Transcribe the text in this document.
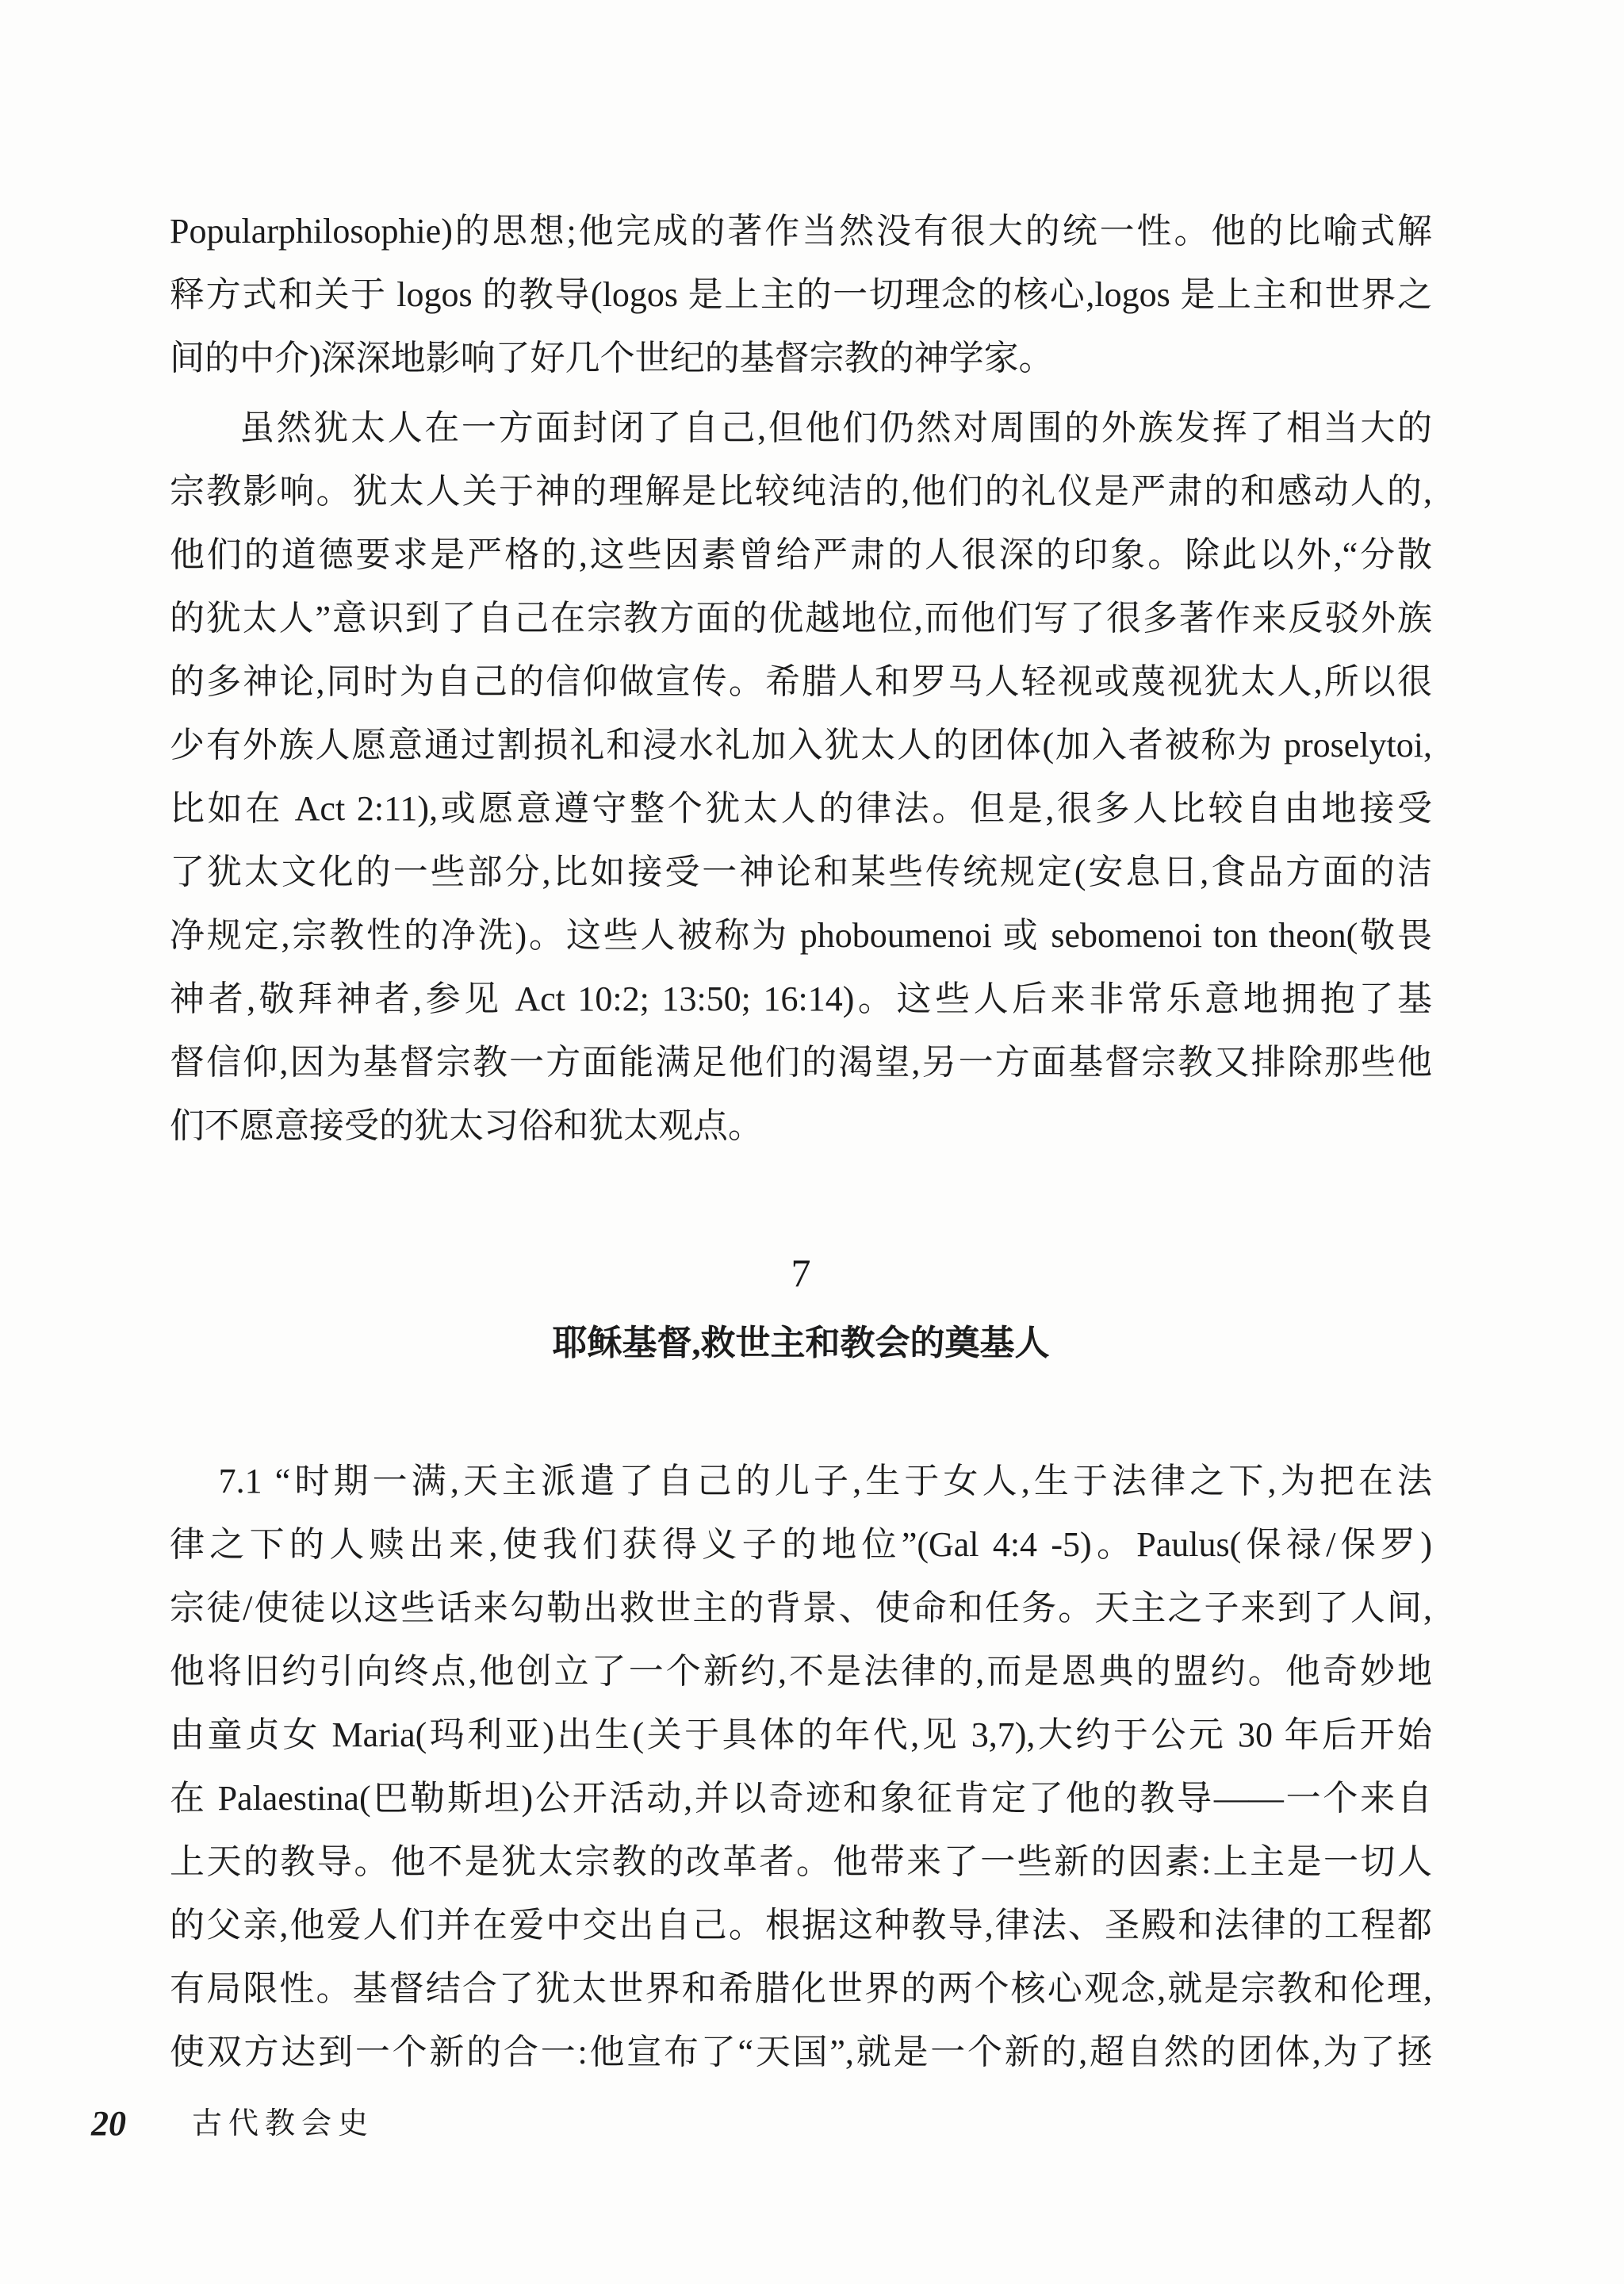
Popularphilosophie)的思想;他完成的著作当然没有很大的统一性。他的比喻式解
释方式和关于 logos 的教导(logos 是上主的一切理念的核心,logos 是上主和世界之
间的中介)深深地影响了好几个世纪的基督宗教的神学家。
虽然犹太人在一方面封闭了自己,但他们仍然对周围的外族发挥了相当大的
宗教影响。犹太人关于神的理解是比较纯洁的,他们的礼仪是严肃的和感动人的,
他们的道德要求是严格的,这些因素曾给严肃的人很深的印象。除此以外,“分散
的犹太人”意识到了自己在宗教方面的优越地位,而他们写了很多著作来反驳外族
的多神论,同时为自己的信仰做宣传。希腊人和罗马人轻视或蔑视犹太人,所以很
少有外族人愿意通过割损礼和浸水礼加入犹太人的团体(加入者被称为 proselytoi,
比如在 Act 2:11),或愿意遵守整个犹太人的律法。但是,很多人比较自由地接受
了犹太文化的一些部分,比如接受一神论和某些传统规定(安息日,食品方面的洁
净规定,宗教性的净洗)。这些人被称为 phoboumenoi 或 sebomenoi ton theon(敬畏
神者,敬拜神者,参见 Act 10:2; 13:50; 16:14)。这些人后来非常乐意地拥抱了基
督信仰,因为基督宗教一方面能满足他们的渴望,另一方面基督宗教又排除那些他
们不愿意接受的犹太习俗和犹太观点。
7
耶稣基督,救世主和教会的奠基人
7.1 “时期一满,天主派遣了自己的儿子,生于女人,生于法律之下,为把在法
律之下的人赎出来,使我们获得义子的地位”(Gal 4:4 -5)。Paulus(保禄/保罗)
宗徒/使徒以这些话来勾勒出救世主的背景、使命和任务。天主之子来到了人间,
他将旧约引向终点,他创立了一个新约,不是法律的,而是恩典的盟约。他奇妙地
由童贞女 Maria(玛利亚)出生(关于具体的年代,见 3,7),大约于公元 30 年后开始
在 Palaestina(巴勒斯坦)公开活动,并以奇迹和象征肯定了他的教导——一个来自
上天的教导。他不是犹太宗教的改革者。他带来了一些新的因素:上主是一切人
的父亲,他爱人们并在爱中交出自己。根据这种教导,律法、圣殿和法律的工程都
有局限性。基督结合了犹太世界和希腊化世界的两个核心观念,就是宗教和伦理,
使双方达到一个新的合一:他宣布了“天国”,就是一个新的,超自然的团体,为了拯
20 古代教会史
